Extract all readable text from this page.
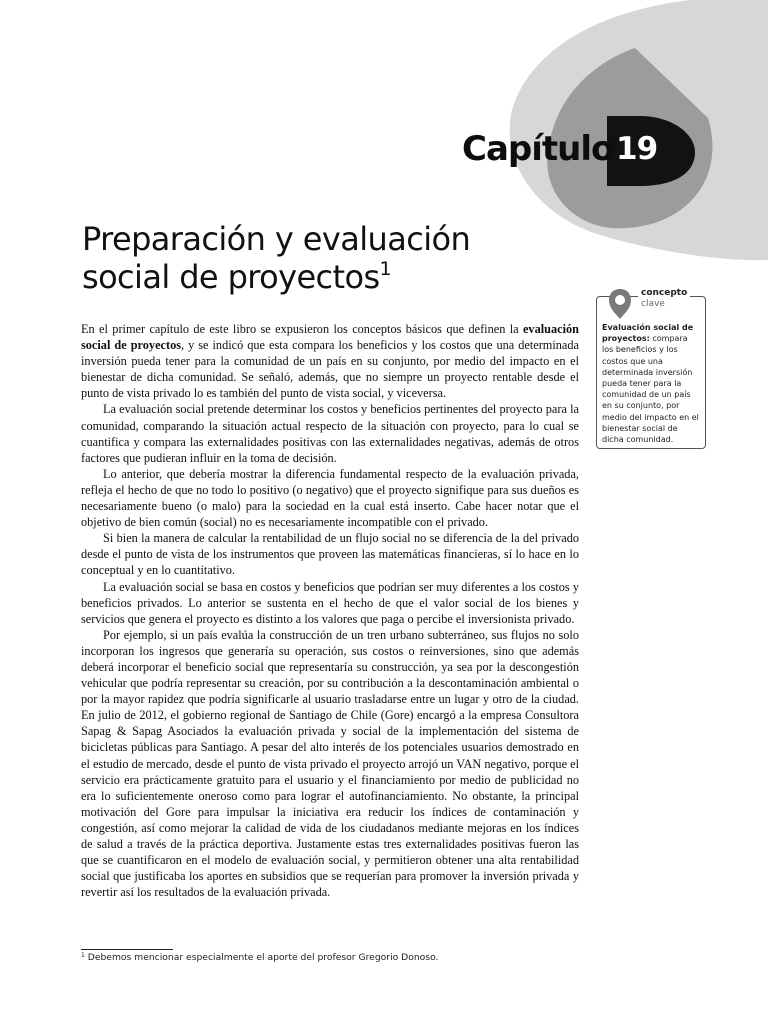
Capítulo 19
Preparación y evaluación
social de proyectos$^1$

En el primer capítulo de este libro se expusieron los conceptos básicos que definen la evaluación social de proyectos, y se indicó que esta compara los beneficios y los costos que una determinada inversión pueda tener para la comunidad de un país en su conjunto, por medio del impacto en el bienestar de dicha comunidad. Se señaló, además, que no siempre un proyecto rentable desde el punto de vista privado lo es también del punto de vista social, y viceversa.

La evaluación social pretende determinar los costos y beneficios pertinentes del proyecto para la comunidad, comparando la situación actual respecto de la situación con proyecto, para lo cual se cuantifica y compara las externalidades positivas con las externalidades negativas, además de otros factores que pudieran influir en la toma de decisión.

Lo anterior, que debería mostrar la diferencia fundamental respecto de la evaluación privada, refleja el hecho de que no todo lo positivo (o negativo) que el proyecto signifique para sus dueños es necesariamente bueno (o malo) para la sociedad en la cual está inserto. Cabe hacer notar que el objetivo de bien común (social) no es necesariamente incompatible con el privado.

Si bien la manera de calcular la rentabilidad de un flujo social no se diferencia de la del privado desde el punto de vista de los instrumentos que proveen las matemáticas financieras, sí lo hace en lo conceptual y en lo cuantitativo.

La evaluación social se basa en costos y beneficios que podrían ser muy diferentes a los costos y beneficios privados. Lo anterior se sustenta en el hecho de que el valor social de los bienes y servicios que genera el proyecto es distinto a los valores que paga o percibe el inversionista privado.

Por ejemplo, si un país evalúa la construcción de un tren urbano subterráneo, sus flujos no solo incorporan los ingresos que generaría su operación, sus costos o reinversiones, sino que además deberá incorporar el beneficio social que representaría su construcción, ya sea por la descongestión vehicular que podría representar su creación, por su contribución a la descontaminación ambiental o por la mayor rapidez que podría significarle al usuario trasladarse entre un lugar y otro de la ciudad. En julio de 2012, el gobierno regional de Santiago de Chile (Gore) encargó a la empresa Consultora Sapag & Sapag Asociados la evaluación privada y social de la implementación del sistema de bicicletas públicas para Santiago. A pesar del alto interés de los potenciales usuarios demostrado en el estudio de mercado, desde el punto de vista privado el proyecto arrojó un VAN negativo, porque el servicio era prácticamente gratuito para el usuario y el financiamiento por medio de publicidad no era lo suficientemente oneroso como para lograr el autofinanciamiento. No obstante, la principal motivación del Gore para impulsar la iniciativa era reducir los índices de contaminación y congestión, así como mejorar la calidad de vida de los ciudadanos mediante mejoras en los índices de salud a través de la práctica deportiva. Justamente estas tres externalidades positivas fueron las que se cuantificaron en el modelo de evaluación social, y permitieron obtener una alta rentabilidad social que justificaba los aportes en subsidios que se requerían para promover la inversión privada y revertir así los resultados de la evaluación privada.

concepto
clave
Evaluación social de proyectos: compara los beneficios y los costos que una determinada inversión pueda tener para la comunidad de un país en su conjunto, por medio del impacto en el bienestar social de dicha comunidad.
$^1$ Debemos mencionar especialmente el aporte del profesor Gregorio Donoso.
